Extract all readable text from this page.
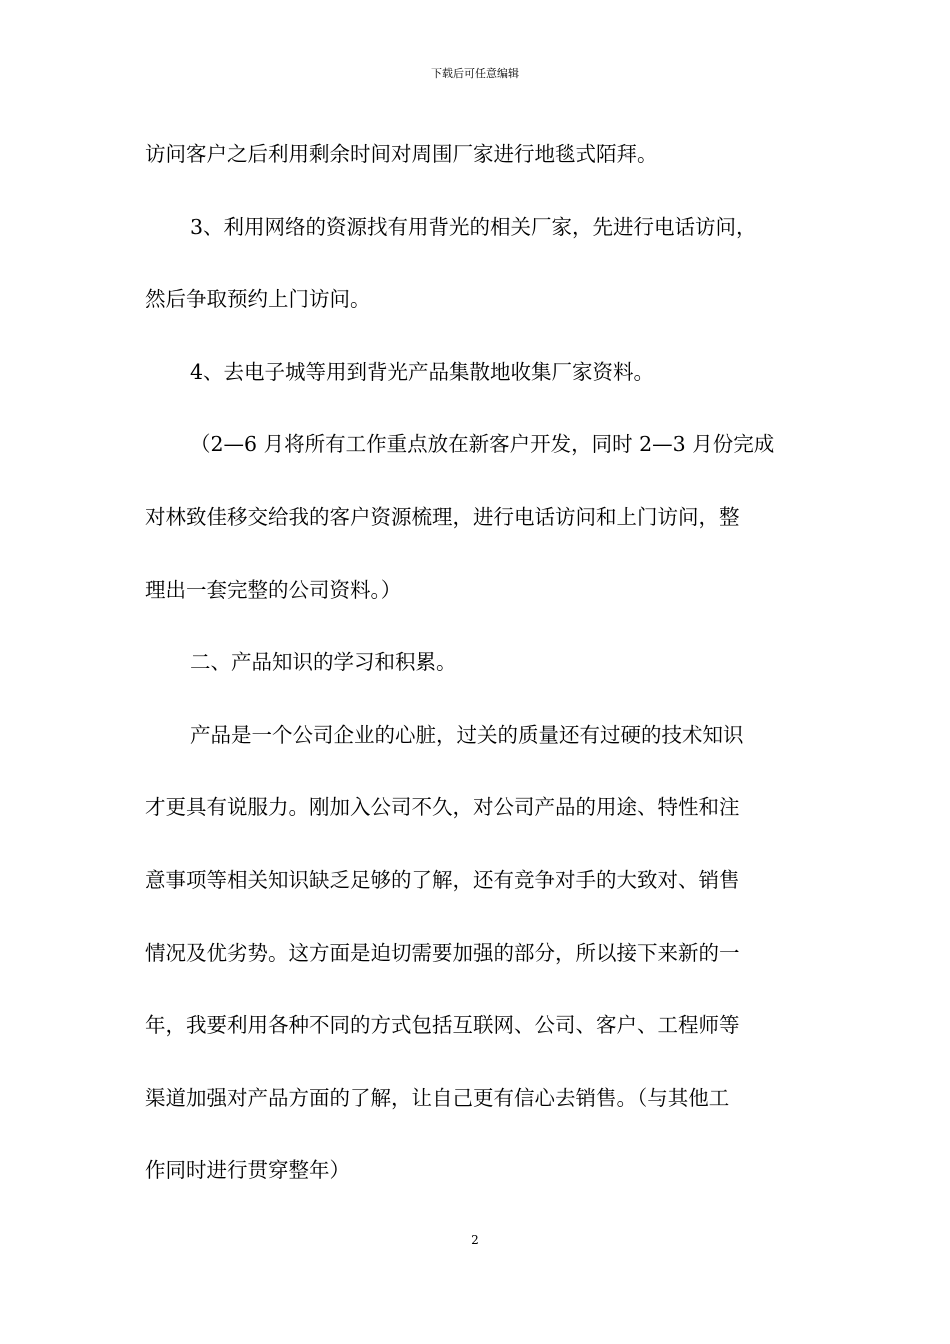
下载后可任意编辑

访问客户之后利用剩余时间对周围厂家进行地毯式陌拜。

3、利用网络的资源找有用背光的相关厂家，先进行电话访问，
然后争取预约上门访问。

4、去电子城等用到背光产品集散地收集厂家资料。

（2—6 月将所有工作重点放在新客户开发，同时 2—3 月份完成
对林致佳移交给我的客户资源梳理，进行电话访问和上门访问，整
理出一套完整的公司资料。）

二、产品知识的学习和积累。

产品是一个公司企业的心脏，过关的质量还有过硬的技术知识
才更具有说服力。刚加入公司不久，对公司产品的用途、特性和注
意事项等相关知识缺乏足够的了解，还有竞争对手的大致对、销售
情况及优劣势。这方面是迫切需要加强的部分，所以接下来新的一
年，我要利用各种不同的方式包括互联网、公司、客户、工程师等
渠道加强对产品方面的了解，让自己更有信心去销售。（与其他工
作同时进行贯穿整年）

2
